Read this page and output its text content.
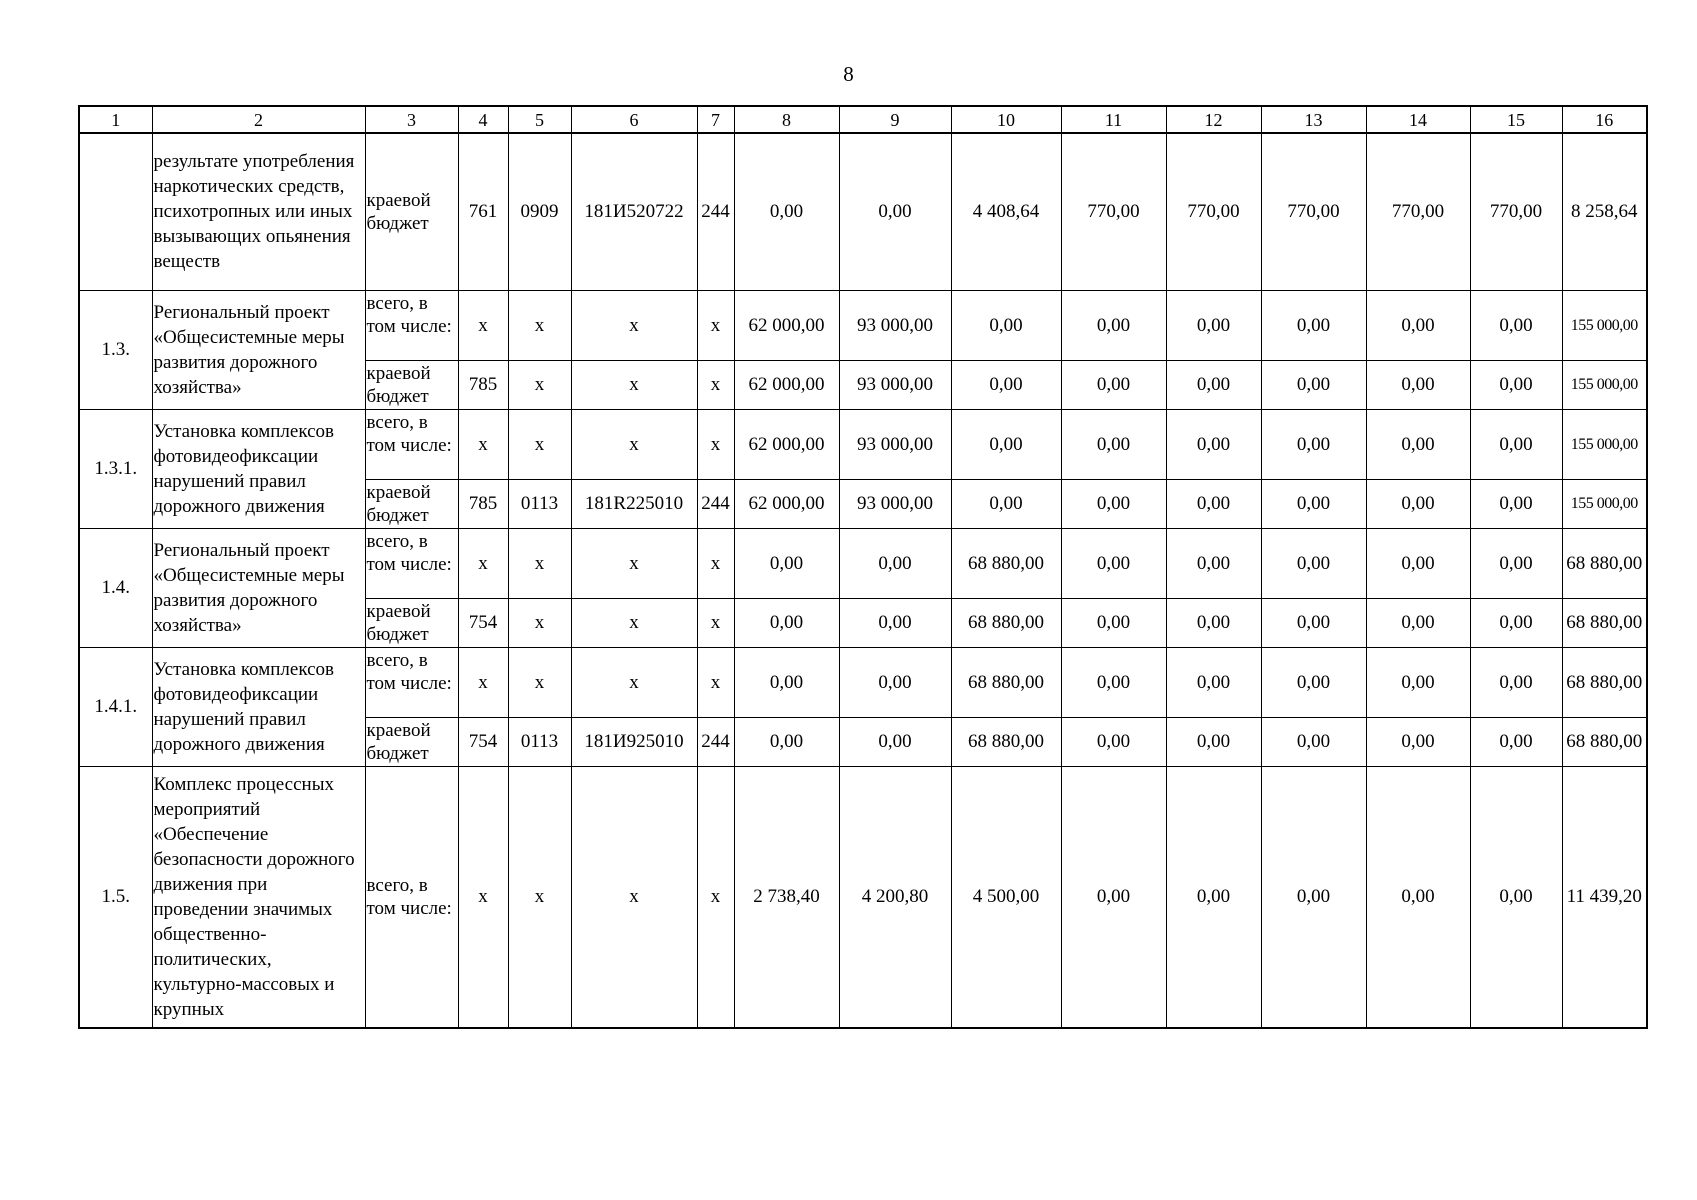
8
1	2	3	4	5	6	7	8	9	10	11	12	13	14	15	16
	результате употребления наркотических средств, психотропных или иных вызывающих опьянения веществ	краевой бюджет	761	0909	181И520722	244	0,00	0,00	4 408,64	770,00	770,00	770,00	770,00	770,00	8 258,64
1.3.	Региональный проект «Общесистемные меры развития дорожного хозяйства»	всего, в том числе:	x	x	x	x	62 000,00	93 000,00	0,00	0,00	0,00	0,00	0,00	0,00	155 000,00
		краевой бюджет	785	x	x	x	62 000,00	93 000,00	0,00	0,00	0,00	0,00	0,00	0,00	155 000,00
1.3.1.	Установка комплексов фотовидеофиксации нарушений правил дорожного движения	всего, в том числе:	x	x	x	x	62 000,00	93 000,00	0,00	0,00	0,00	0,00	0,00	0,00	155 000,00
		краевой бюджет	785	0113	181R225010	244	62 000,00	93 000,00	0,00	0,00	0,00	0,00	0,00	0,00	155 000,00
1.4.	Региональный проект «Общесистемные меры развития дорожного хозяйства»	всего, в том числе:	x	x	x	x	0,00	0,00	68 880,00	0,00	0,00	0,00	0,00	0,00	68 880,00
		краевой бюджет	754	x	x	x	0,00	0,00	68 880,00	0,00	0,00	0,00	0,00	0,00	68 880,00
1.4.1.	Установка комплексов фотовидеофиксации нарушений правил дорожного движения	всего, в том числе:	x	x	x	x	0,00	0,00	68 880,00	0,00	0,00	0,00	0,00	0,00	68 880,00
		краевой бюджет	754	0113	181И925010	244	0,00	0,00	68 880,00	0,00	0,00	0,00	0,00	0,00	68 880,00
1.5.	Комплекс процессных мероприятий «Обеспечение безопасности дорожного движения при проведении значимых общественно-политических, культурно-массовых и крупных	всего, в том числе:	x	x	x	x	2 738,40	4 200,80	4 500,00	0,00	0,00	0,00	0,00	0,00	11 439,20
